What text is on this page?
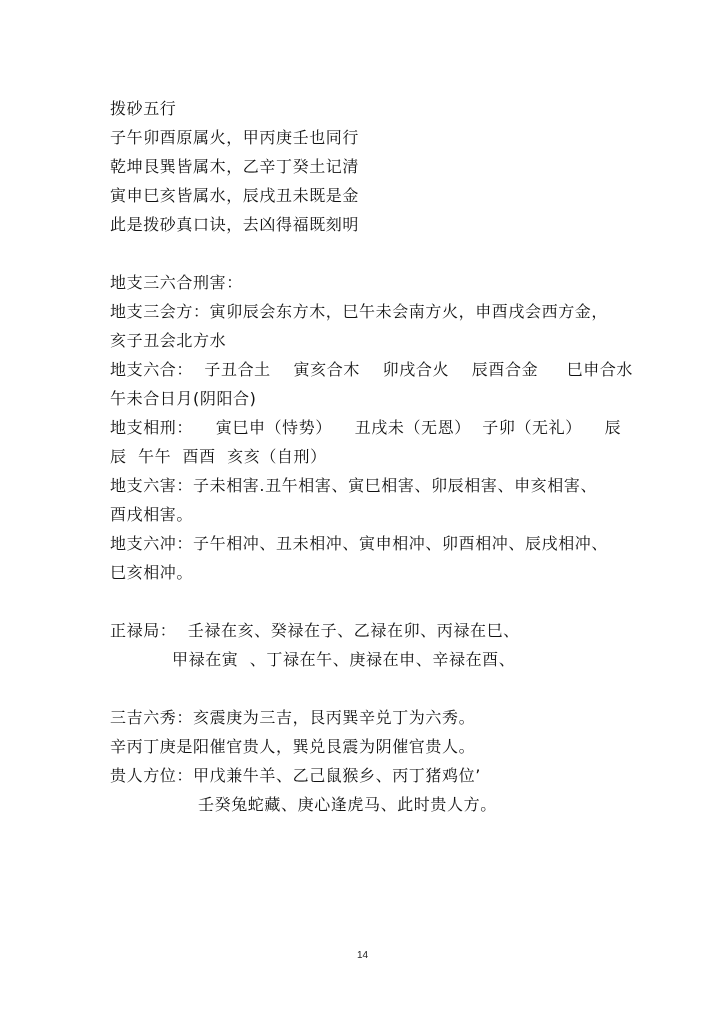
拨砂五行
子午卯酉原属火，甲丙庚壬也同行
乾坤艮巽皆属木，乙辛丁癸土记清
寅申巳亥皆属水，辰戌丑未既是金
此是拨砂真口诀，去凶得福既刻明
地支三六合刑害：
地支三会方：寅卯辰会东方木，巳午未会南方火，申酉戌会西方金，
亥子丑会北方水
地支六合：  子丑合土    寅亥合木    卯戌合火    辰酉合金     巳申合水
午未合日月(阴阳合)
地支相刑：    寅巳申（恃势）    丑戌未（无恩）  子卯（无礼）    辰
辰  午午  酉酉  亥亥（自刑）
地支六害：子未相害.丑午相害、寅巳相害、卯辰相害、申亥相害、
酉戌相害。
地支六冲：子午相冲、丑未相冲、寅申相冲、卯酉相冲、辰戌相冲、
巳亥相冲。
正禄局：  壬禄在亥、癸禄在子、乙禄在卯、丙禄在巳、
甲禄在寅  、丁禄在午、庚禄在申、辛禄在酉、
三吉六秀：亥震庚为三吉，艮丙巽辛兑丁为六秀。
辛丙丁庚是阳催官贵人，巽兑艮震为阴催官贵人。
贵人方位：甲戊兼牛羊、乙己鼠猴乡、丙丁猪鸡位’
壬癸兔蛇藏、庚心逢虎马、此时贵人方。
14
